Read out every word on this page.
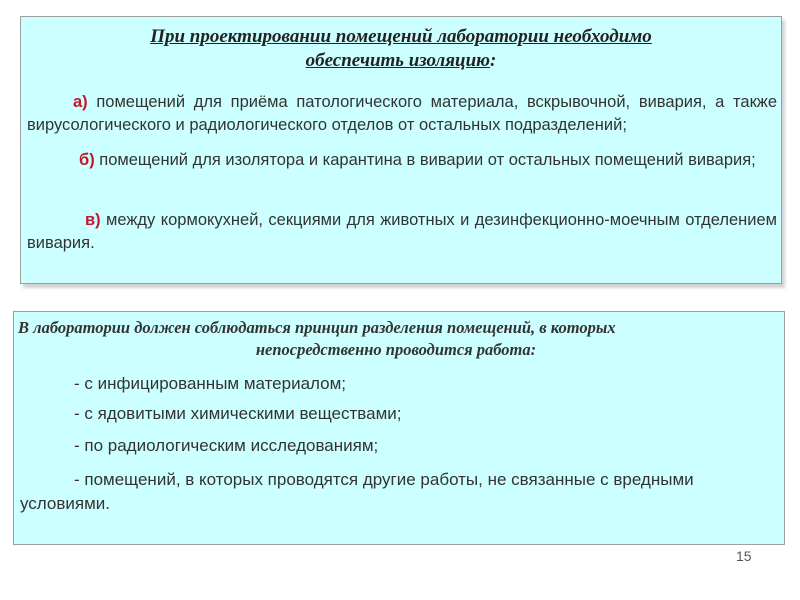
При проектировании помещений лаборатории необходимо
обеспечить изоляцию:
а) помещений для приёма патологического материала, вскрывочной, вивария, а также вирусологического и радиологического отделов от остальных подразделений;
б) помещений для изолятора и карантина в виварии от остальных помещений вивария;
в) между кормокухней, секциями для животных и дезинфекционно-моечным отделением вивария.
В лаборатории должен соблюдаться принцип разделения помещений, в которых
непосредственно проводится работа:
- с инфицированным материалом;
- с ядовитыми химическими веществами;
- по радиологическим исследованиям;
- помещений, в которых проводятся другие работы, не связанные с вредными условиями.
15
